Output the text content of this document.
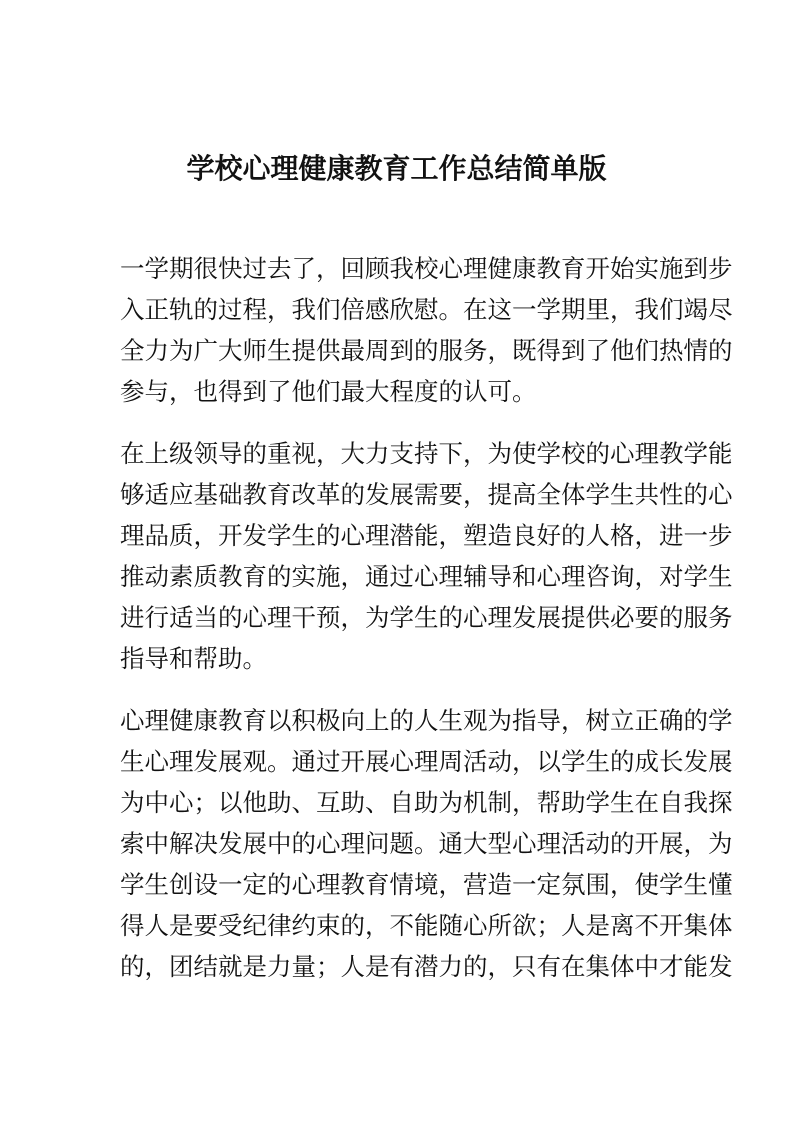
学校心理健康教育工作总结简单版
一学期很快过去了，回顾我校心理健康教育开始实施到步
入正轨的过程，我们倍感欣慰。在这一学期里，我们竭尽
全力为广大师生提供最周到的服务，既得到了他们热情的
参与，也得到了他们最大程度的认可。
在上级领导的重视，大力支持下，为使学校的心理教学能
够适应基础教育改革的发展需要，提高全体学生共性的心
理品质，开发学生的心理潜能，塑造良好的人格，进一步
推动素质教育的实施，通过心理辅导和心理咨询，对学生
进行适当的心理干预，为学生的心理发展提供必要的服务
指导和帮助。
心理健康教育以积极向上的人生观为指导，树立正确的学
生心理发展观。通过开展心理周活动，以学生的成长发展
为中心；以他助、互助、自助为机制，帮助学生在自我探
索中解决发展中的心理问题。通大型心理活动的开展，为
学生创设一定的心理教育情境，营造一定氛围，使学生懂
得人是要受纪律约束的，不能随心所欲；人是离不开集体
的，团结就是力量；人是有潜力的，只有在集体中才能发
